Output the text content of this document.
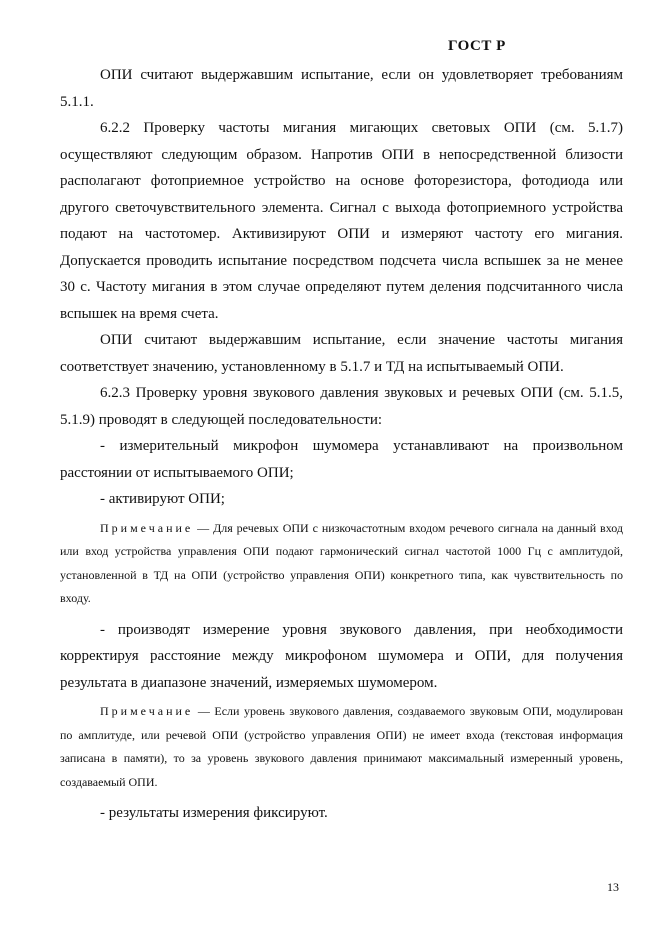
ГОСТ Р

ОПИ считают выдержавшим испытание, если он удовлетворяет требованиям 5.1.1.

6.2.2 Проверку частоты мигания мигающих световых ОПИ (см. 5.1.7) осуществляют следующим образом. Напротив ОПИ в непосредственной близости располагают фотоприемное устройство на основе фоторезистора, фотодиода или другого светочувствительного элемента. Сигнал с выхода фотоприемного устройства подают на частотомер. Активизируют ОПИ и измеряют частоту его мигания. Допускается проводить испытание посредством подсчета числа вспышек за не менее 30 с. Частоту мигания в этом случае определяют путем деления подсчитанного числа вспышек на время счета.

ОПИ считают выдержавшим испытание, если значение частоты мигания соответствует значению, установленному в 5.1.7 и ТД на испытываемый ОПИ.

6.2.3 Проверку уровня звукового давления звуковых и речевых ОПИ (см. 5.1.5, 5.1.9) проводят в следующей последовательности:

- измерительный микрофон шумомера устанавливают на произвольном расстоянии от испытываемого ОПИ;

- активируют ОПИ;

Примечание — Для речевых ОПИ с низкочастотным входом речевого сигнала на данный вход или вход устройства управления ОПИ подают гармонический сигнал частотой 1000 Гц с амплитудой, установленной в ТД на ОПИ (устройство управления ОПИ) конкретного типа, как чувствительность по входу.

- производят измерение уровня звукового давления, при необходимости корректируя расстояние между микрофоном шумомера и ОПИ, для получения результата в диапазоне значений, измеряемых шумомером.

Примечание — Если уровень звукового давления, создаваемого звуковым ОПИ, модулирован по амплитуде, или речевой ОПИ (устройство управления ОПИ) не имеет входа (текстовая информация записана в памяти), то за уровень звукового давления принимают максимальный измеренный уровень, создаваемый ОПИ.

- результаты измерения фиксируют.

13
